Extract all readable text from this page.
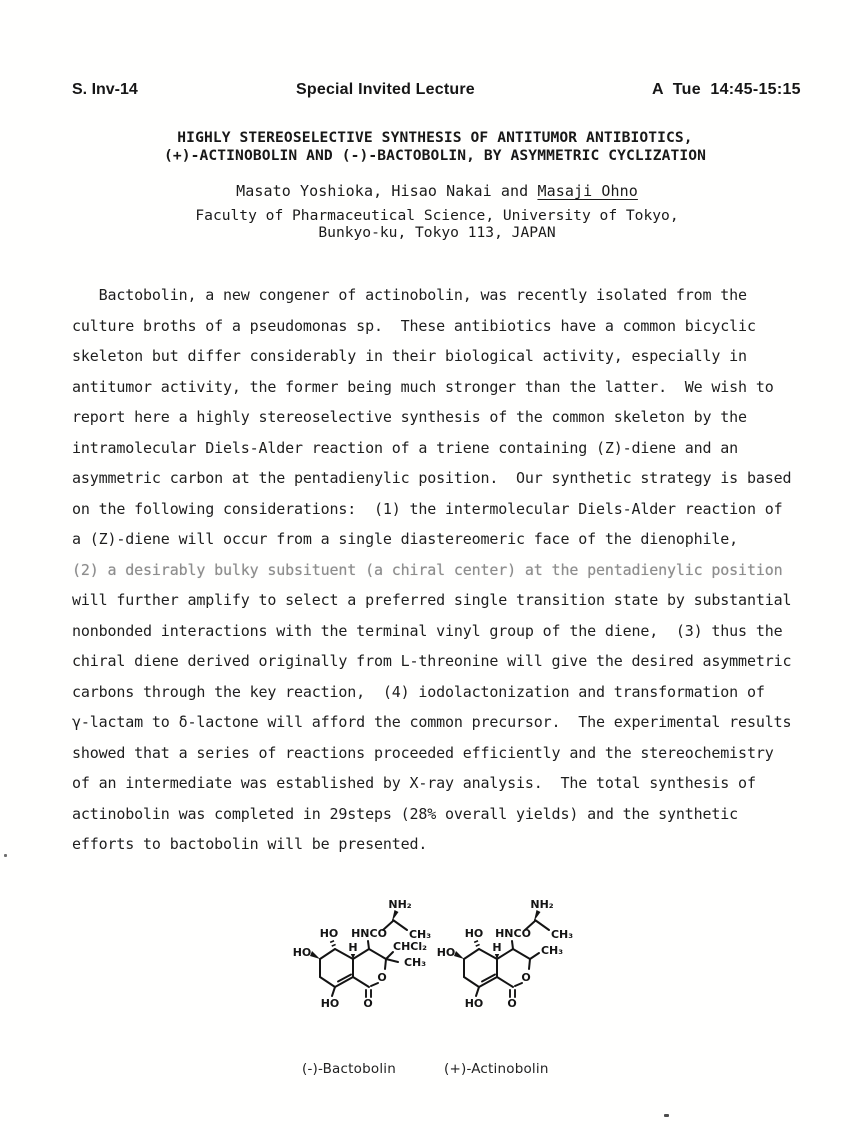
S. Inv-14	Special Invited Lecture	A  Tue  14:45-15:15
HIGHLY STEREOSELECTIVE SYNTHESIS OF ANTITUMOR ANTIBIOTICS,
(+)-ACTINOBOLIN AND (-)-BACTOBOLIN, BY ASYMMETRIC CYCLIZATION
Masato Yoshioka, Hisao Nakai and Masaji Ohno
Faculty of Pharmaceutical Science, University of Tokyo,
Bunkyo-ku, Tokyo 113, JAPAN
Bactobolin, a new congener of actinobolin, was recently isolated from the
culture broths of a pseudomonas sp.  These antibiotics have a common bicyclic
skeleton but differ considerably in their biological activity, especially in
antitumor activity, the former being much stronger than the latter.  We wish to
report here a highly stereoselective synthesis of the common skeleton by the
intramolecular Diels-Alder reaction of a triene containing (Z)-diene and an
asymmetric carbon at the pentadienylic position.  Our synthetic strategy is based
on the following considerations:  (1) the intermolecular Diels-Alder reaction of
a (Z)-diene will occur from a single diastereomeric face of the dienophile,
(2) a desirably bulky subsituent (a chiral center) at the pentadienylic position
will further amplify to select a preferred single transition state by substantial
nonbonded interactions with the terminal vinyl group of the diene,  (3) thus the
chiral diene derived originally from L-threonine will give the desired asymmetric
carbons through the key reaction,  (4) iodolactonization and transformation of
γ-lactam to δ-lactone will afford the common precursor.  The experimental results
showed that a series of reactions proceeded efficiently and the stereochemistry
of an intermediate was established by X-ray analysis.  The total synthesis of
actinobolin was completed in 29steps (28% overall yields) and the synthetic
efforts to bactobolin will be presented.
NH₂
HO HNCO CH₃
CHCl₂
CH₃
HO	H
O
HO O
NH₂
HO HNCO CH₃
CH₃
HO	H
O
HO O
(-)-Bactobolin	(+)-Actinobolin
